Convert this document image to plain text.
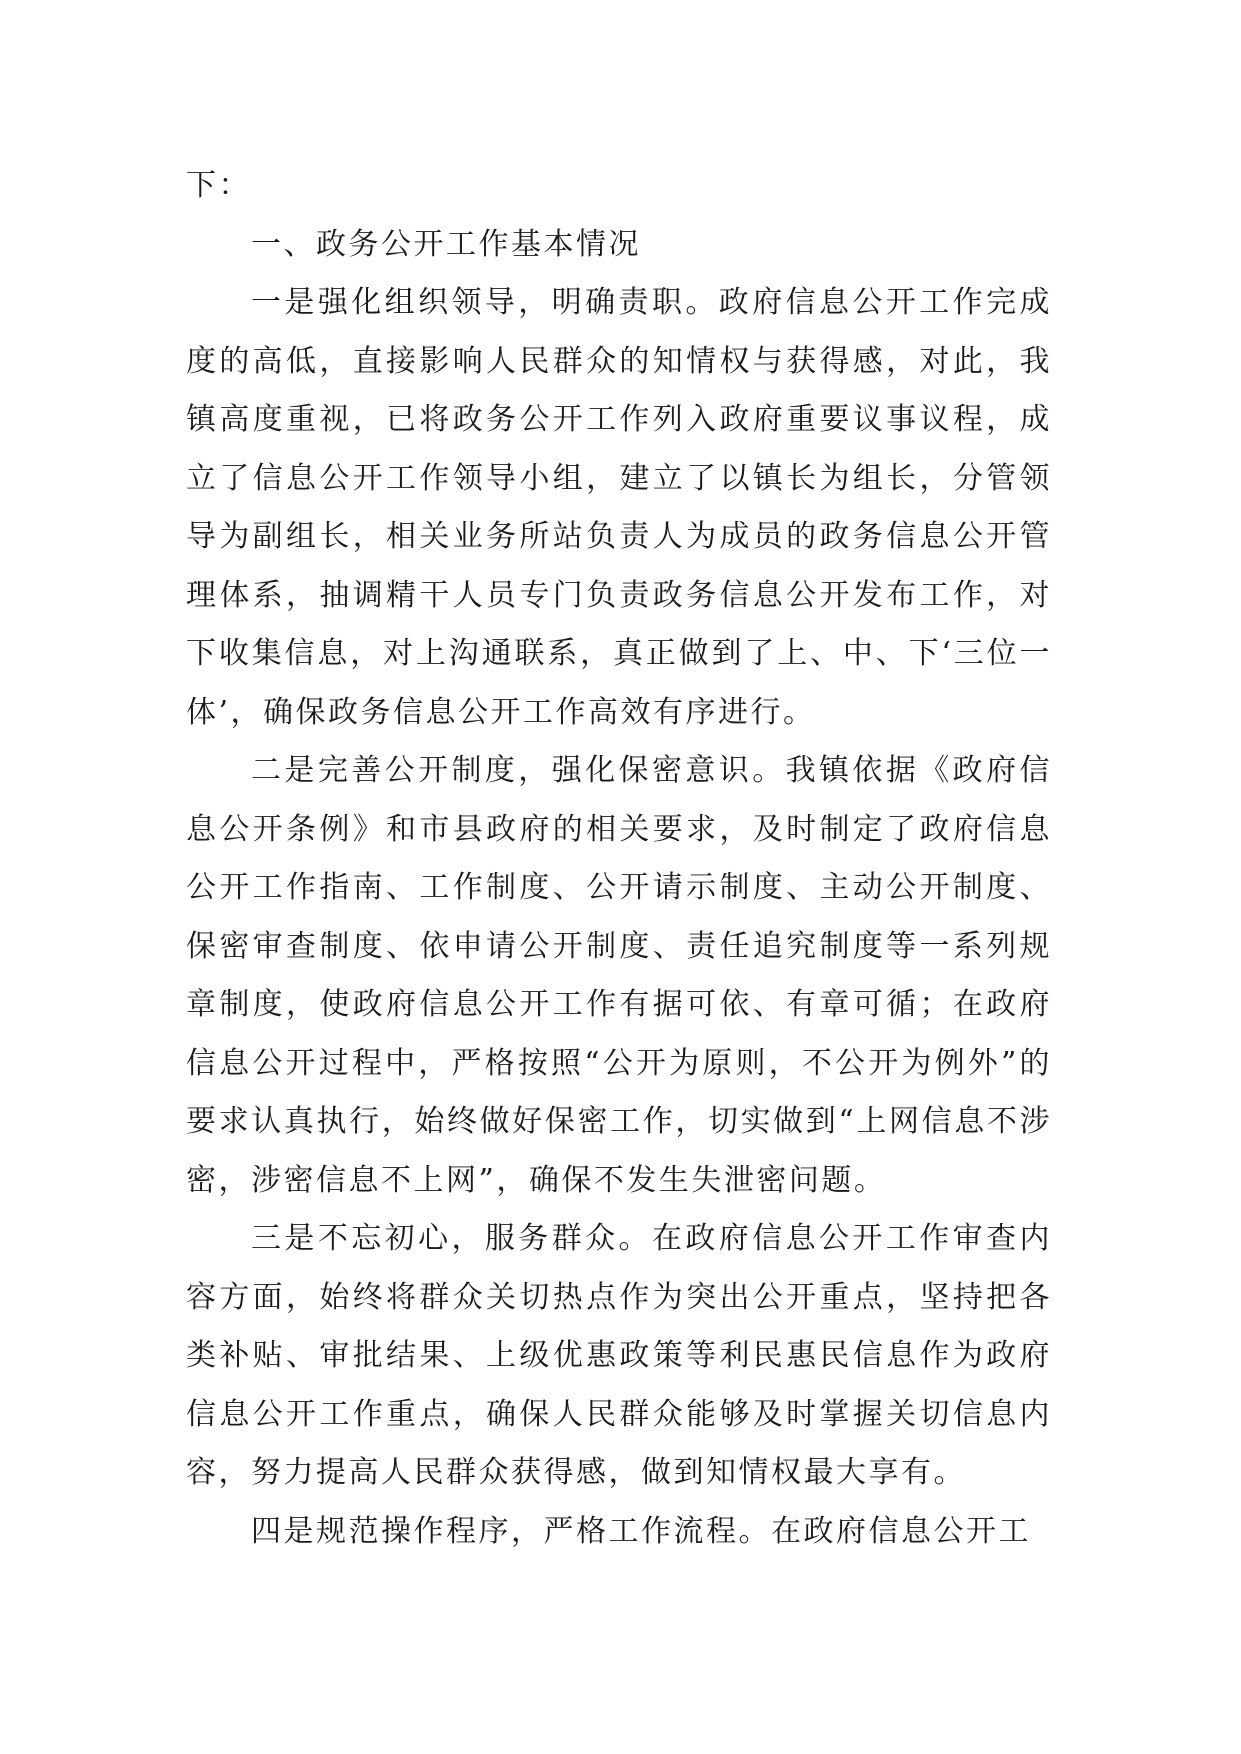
下：

一、政务公开工作基本情况

一是强化组织领导，明确责职。政府信息公开工作完成度的高低，直接影响人民群众的知情权与获得感，对此，我镇高度重视，已将政务公开工作列入政府重要议事议程，成立了信息公开工作领导小组，建立了以镇长为组长，分管领导为副组长，相关业务所站负责人为成员的政务信息公开管理体系，抽调精干人员专门负责政务信息公开发布工作，对下收集信息，对上沟通联系，真正做到了上、中、下‘三位一体’，确保政务信息公开工作高效有序进行。

二是完善公开制度，强化保密意识。我镇依据《政府信息公开条例》和市县政府的相关要求，及时制定了政府信息公开工作指南、工作制度、公开请示制度、主动公开制度、保密审查制度、依申请公开制度、责任追究制度等一系列规章制度，使政府信息公开工作有据可依、有章可循；在政府信息公开过程中，严格按照“公开为原则，不公开为例外”的要求认真执行，始终做好保密工作，切实做到“上网信息不涉密，涉密信息不上网”，确保不发生失泄密问题。

三是不忘初心，服务群众。在政府信息公开工作审查内容方面，始终将群众关切热点作为突出公开重点，坚持把各类补贴、审批结果、上级优惠政策等利民惠民信息作为政府信息公开工作重点，确保人民群众能够及时掌握关切信息内容，努力提高人民群众获得感，做到知情权最大享有。

四是规范操作程序，严格工作流程。在政府信息公开工
